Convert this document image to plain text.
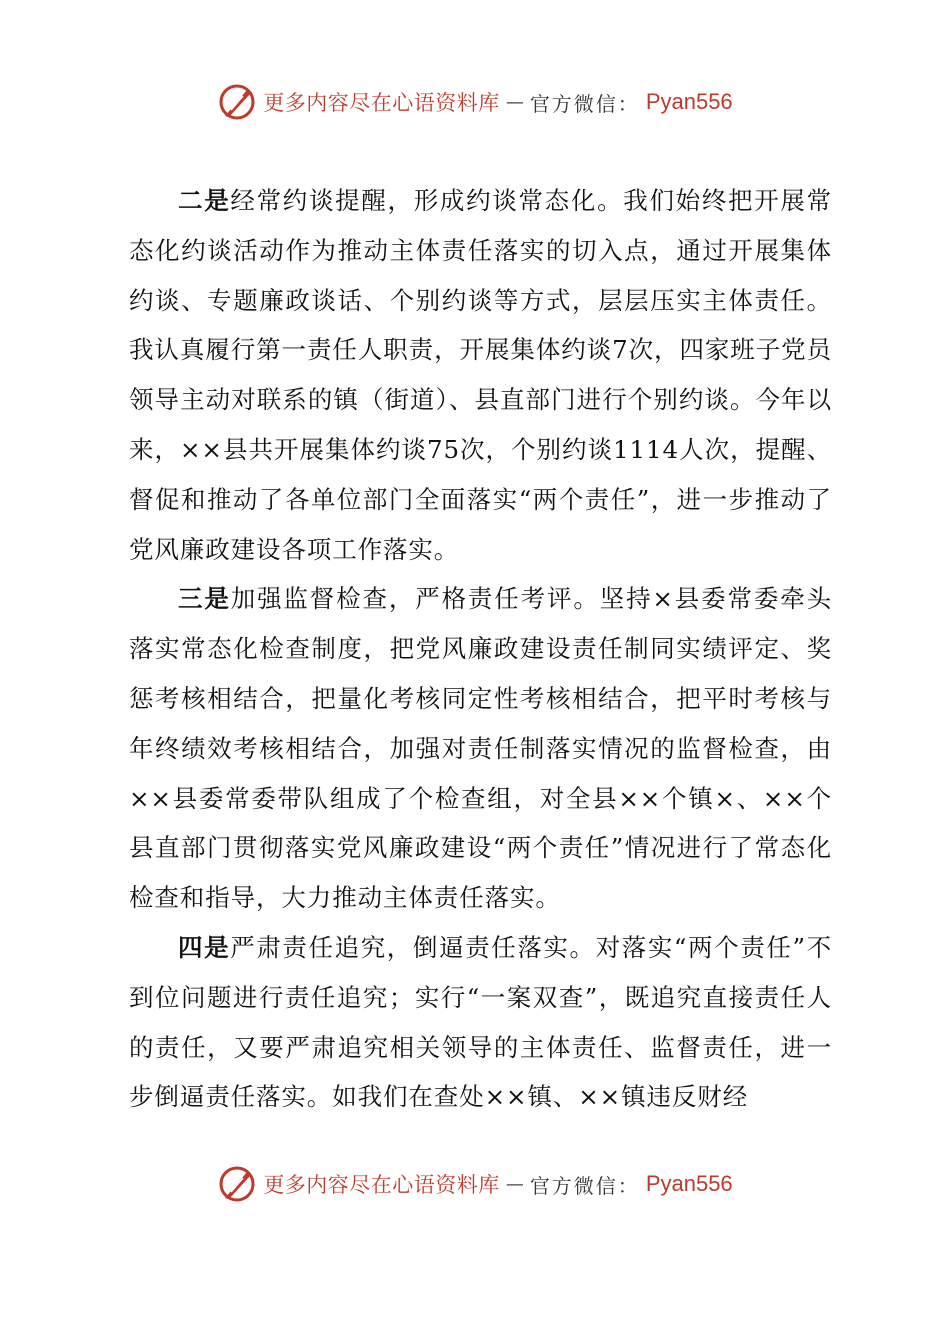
更多内容尽在心语资料库 — 官方微信： Pyan556

二是经常约谈提醒，形成约谈常态化。我们始终把开展常态化约谈活动作为推动主体责任落实的切入点，通过开展集体约谈、专题廉政谈话、个别约谈等方式，层层压实主体责任。我认真履行第一责任人职责，开展集体约谈7次，四家班子党员领导主动对联系的镇（街道）、县直部门进行个别约谈。今年以来，××县共开展集体约谈75次，个别约谈1114人次，提醒、督促和推动了各单位部门全面落实“两个责任”，进一步推动了党风廉政建设各项工作落实。

三是加强监督检查，严格责任考评。坚持×县委常委牵头落实常态化检查制度，把党风廉政建设责任制同实绩评定、奖惩考核相结合，把量化考核同定性考核相结合，把平时考核与年终绩效考核相结合，加强对责任制落实情况的监督检查，由××县委常委带队组成了个检查组，对全县××个镇×、××个县直部门贯彻落实党风廉政建设“两个责任”情况进行了常态化检查和指导，大力推动主体责任落实。

四是严肃责任追究，倒逼责任落实。对落实“两个责任”不到位问题进行责任追究；实行“一案双查”，既追究直接责任人的责任，又要严肃追究相关领导的主体责任、监督责任，进一步倒逼责任落实。如我们在查处××镇、××镇违反财经

更多内容尽在心语资料库 — 官方微信： Pyan556
